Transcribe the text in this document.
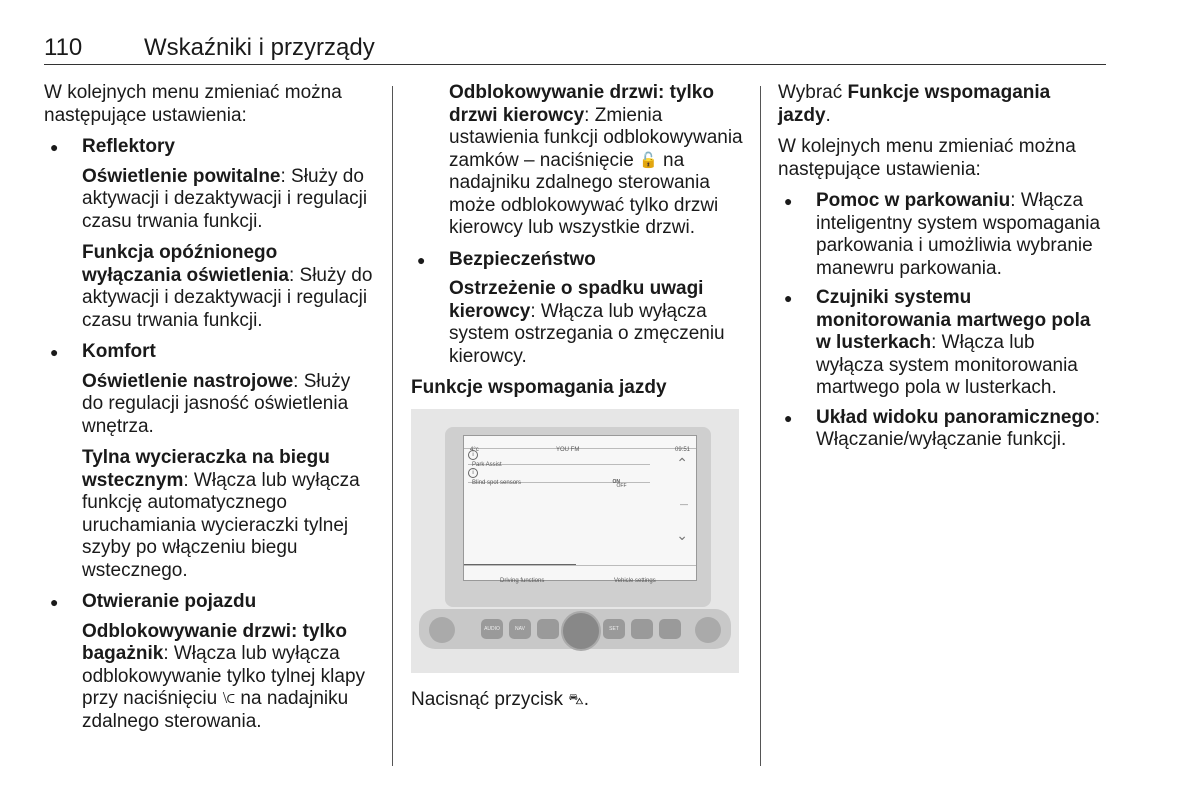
110	Wskaźniki i przyrządy

W kolejnych menu zmieniać można następujące ustawienia:

● Reflektory

Oświetlenie powitalne: Służy do aktywacji i dezaktywacji i regulacji czasu trwania funkcji.

Funkcja opóźnionego wyłączania oświetlenia: Służy do aktywacji i dezaktywacji i regulacji czasu trwania funkcji.

● Komfort

Oświetlenie nastrojowe: Służy do regulacji jasność oświetlenia wnętrza.

Tylna wycieraczka na biegu wstecznym: Włącza lub wyłącza funkcję automatycznego uruchamiania wycieraczki tylnej szyby po włączeniu biegu wstecznego.

● Otwieranie pojazdu

Odblokowywanie drzwi: tylko bagażnik: Włącza lub wyłącza odblokowywanie tylko tylnej klapy przy naciśnięciu ⟈ na nadajniku zdalnego sterowania.

Odblokowywanie drzwi: tylko drzwi kierowcy: Zmienia ustawienia funkcji odblokowywania zamków – naciśnięcie 🔓 na nadajniku zdalnego sterowania może odblokowywać tylko drzwi kierowcy lub wszystkie drzwi.

● Bezpieczeństwo

Ostrzeżenie o spadku uwagi kierowcy: Włącza lub wyłącza system ostrzegania o zmęczeniu kierowcy.

Funkcje wspomagania jazdy

4°c	YOU FM	09:51
Park Assist
i
Blind spot sensors	OFF
ON
i
⌃
—
⌄
Driving functions	Vehicle settings
AUDIO	NAV	SET

Nacisnąć przycisk ⛍.

Wybrać Funkcje wspomagania jazdy.

W kolejnych menu zmieniać można następujące ustawienia:

● Pomoc w parkowaniu: Włącza inteligentny system wspomagania parkowania i umożliwia wybranie manewru parkowania.
● Czujniki systemu monitorowania martwego pola w lusterkach: Włącza lub wyłącza system monitorowania martwego pola w lusterkach.
● Układ widoku panoramicznego: Włączanie/wyłączanie funkcji.
